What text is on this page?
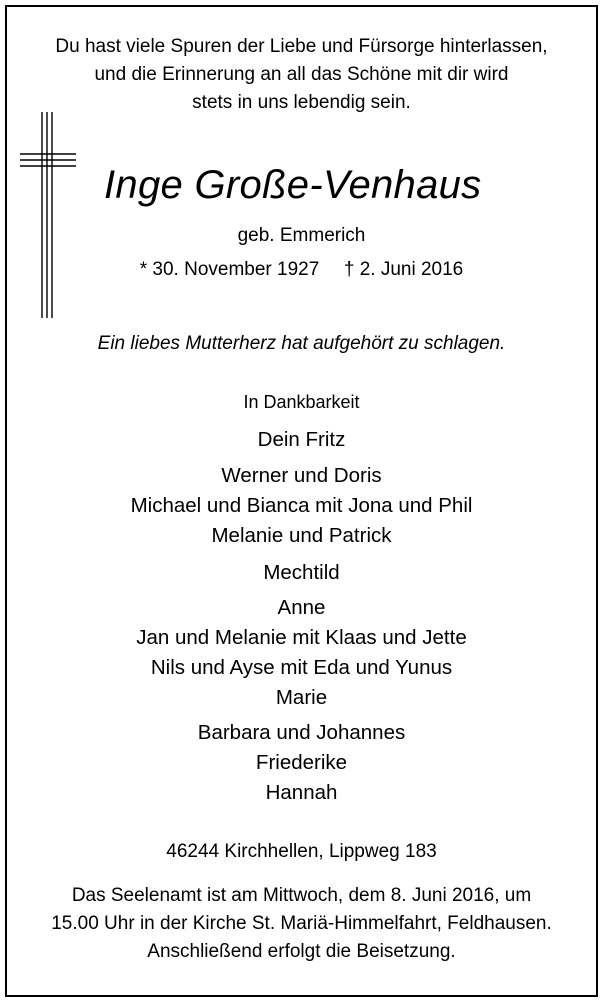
Du hast viele Spuren der Liebe und Fürsorge hinterlassen,
und die Erinnerung an all das Schöne mit dir wird
stets in uns lebendig sein.
Inge Große-Venhaus
geb. Emmerich
* 30. November 1927 † 2. Juni 2016
Ein liebes Mutterherz hat aufgehört zu schlagen.
In Dankbarkeit
Dein Fritz
Werner und Doris
Michael und Bianca mit Jona und Phil
Melanie und Patrick
Mechtild
Anne
Jan und Melanie mit Klaas und Jette
Nils und Ayse mit Eda und Yunus
Marie
Barbara und Johannes
Friederike
Hannah
46244 Kirchhellen, Lippweg 183
Das Seelenamt ist am Mittwoch, dem 8. Juni 2016, um
15.00 Uhr in der Kirche St. Mariä-Himmelfahrt, Feldhausen.
Anschließend erfolgt die Beisetzung.
